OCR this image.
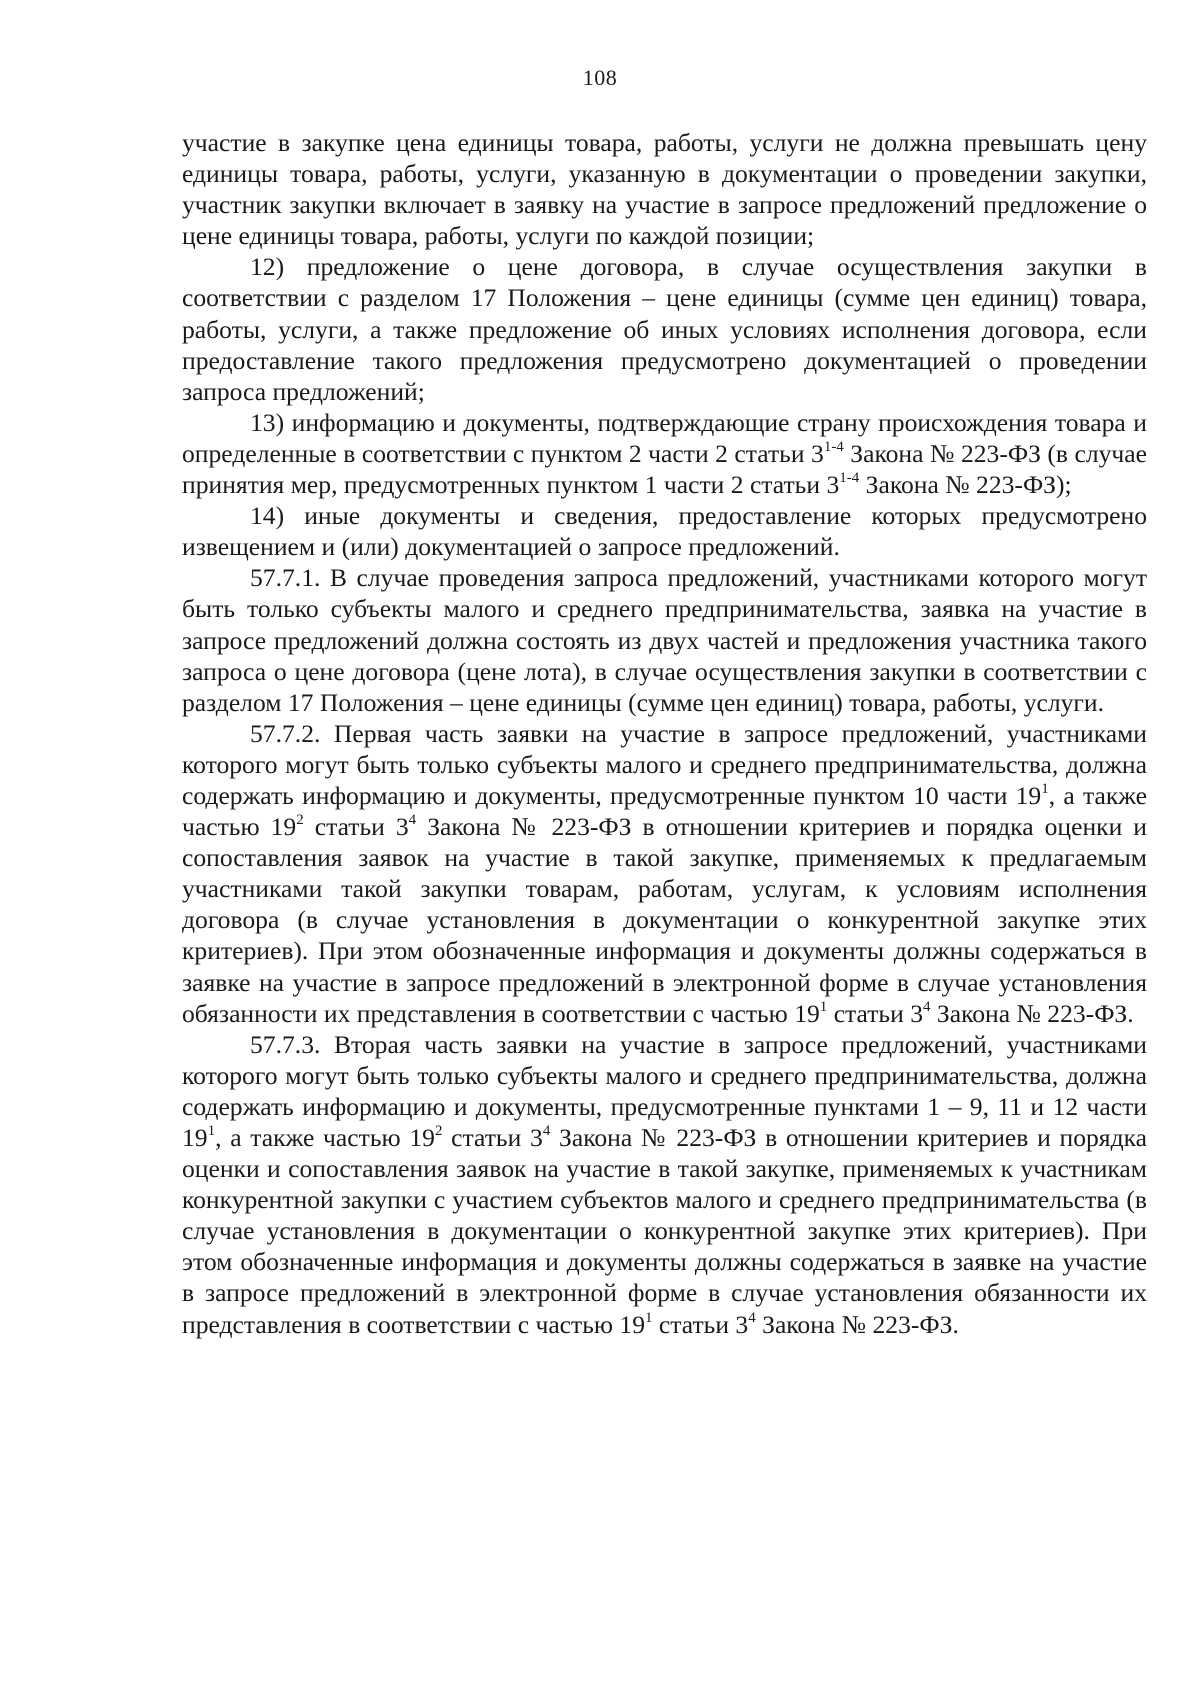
108

участие в закупке цена единицы товара, работы, услуги не должна превышать цену единицы товара, работы, услуги, указанную в документации о проведении закупки, участник закупки включает в заявку на участие в запросе предложений предложение о цене единицы товара, работы, услуги по каждой позиции;

12) предложение о цене договора, в случае осуществления закупки в соответствии с разделом 17 Положения – цене единицы (сумме цен единиц) товара, работы, услуги, а также предложение об иных условиях исполнения договора, если предоставление такого предложения предусмотрено документацией о проведении запроса предложений;

13) информацию и документы, подтверждающие страну происхождения товара и определенные в соответствии с пунктом 2 части 2 статьи 3$^{1-4}$ Закона № 223-ФЗ (в случае принятия мер, предусмотренных пунктом 1 части 2 статьи 3$^{1-4}$ Закона № 223-ФЗ);

14) иные документы и сведения, предоставление которых предусмотрено извещением и (или) документацией о запросе предложений.

57.7.1. В случае проведения запроса предложений, участниками которого могут быть только субъекты малого и среднего предпринимательства, заявка на участие в запросе предложений должна состоять из двух частей и предложения участника такого запроса о цене договора (цене лота), в случае осуществления закупки в соответствии с разделом 17 Положения – цене единицы (сумме цен единиц) товара, работы, услуги.

57.7.2. Первая часть заявки на участие в запросе предложений, участниками которого могут быть только субъекты малого и среднего предпринимательства, должна содержать информацию и документы, предусмотренные пунктом 10 части $19^1$, а также частью $19^2$ статьи $3^4$ Закона № 223-ФЗ в отношении критериев и порядка оценки и сопоставления заявок на участие в такой закупке, применяемых к предлагаемым участниками такой закупки товарам, работам, услугам, к условиям исполнения договора (в случае установления в документации о конкурентной закупке этих критериев). При этом обозначенные информация и документы должны содержаться в заявке на участие в запросе предложений в электронной форме в случае установления обязанности их представления в соответствии с частью $19^1$ статьи $3^4$ Закона № 223-ФЗ.

57.7.3. Вторая часть заявки на участие в запросе предложений, участниками которого могут быть только субъекты малого и среднего предпринимательства, должна содержать информацию и документы, предусмотренные пунктами 1 – 9, 11 и 12 части $19^1$, а также частью $19^2$ статьи $3^4$ Закона № 223-ФЗ в отношении критериев и порядка оценки и сопоставления заявок на участие в такой закупке, применяемых к участникам конкурентной закупки с участием субъектов малого и среднего предпринимательства (в случае установления в документации о конкурентной закупке этих критериев). При этом обозначенные информация и документы должны содержаться в заявке на участие в запросе предложений в электронной форме в случае установления обязанности их представления в соответствии с частью $19^1$ статьи $3^4$ Закона № 223-ФЗ.
